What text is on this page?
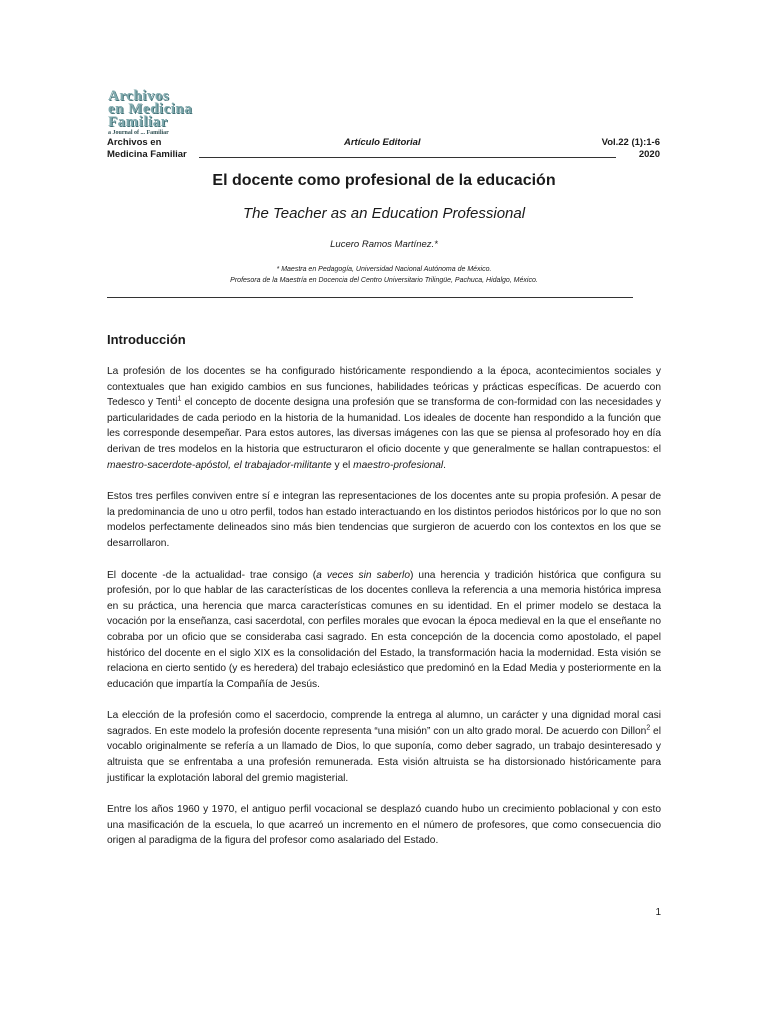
Archivos
en Medicina
Familiar
a Journal of ... Familiar
Archivos en
Medicina Familiar
Artículo Editorial	Vol.22 (1):1-6
2020
El docente como profesional de la educación
The Teacher as an Education Professional
Lucero Ramos Martínez.*
* Maestra en Pedagogía, Universidad Nacional Autónoma de México.
Profesora de la Maestría en Docencia del Centro Universitario Trilingüe, Pachuca, Hidalgo, México.
Introducción

La profesión de los docentes se ha configurado históricamente respondiendo a la época, acontecimientos sociales y contextuales que han exigido cambios en sus funciones, habilidades teóricas y prácticas específicas. De acuerdo con Tedesco y Tenti$^1$ el concepto de docente designa una profesión que se transforma de con-formidad con las necesidades y particularidades de cada periodo en la historia de la humanidad. Los ideales de docente han respondido a la función que les corresponde desempeñar. Para estos autores, las diversas imágenes con las que se piensa al profesorado hoy en día derivan de tres modelos en la historia que estructuraron el oficio docente y que generalmente se hallan contrapuestos: el maestro-sacerdote-apóstol, el trabajador-militante y el maestro-profesional.

Estos tres perfiles conviven entre sí e integran las representaciones de los docentes ante su propia profesión. A pesar de la predominancia de uno u otro perfil, todos han estado interactuando en los distintos periodos históricos por lo que no son modelos perfectamente delineados sino más bien tendencias que surgieron de acuerdo con los contextos en los que se desarrollaron.

El docente -de la actualidad- trae consigo (a veces sin saberlo) una herencia y tradición histórica que configura su profesión, por lo que hablar de las características de los docentes conlleva la referencia a una memoria histórica impresa en su práctica, una herencia que marca características comunes en su identidad. En el primer modelo se destaca la vocación por la enseñanza, casi sacerdotal, con perfiles morales que evocan la época medieval en la que el enseñante no cobraba por un oficio que se consideraba casi sagrado. En esta concepción de la docencia como apostolado, el papel histórico del docente en el siglo XIX es la consolidación del Estado, la transformación hacia la modernidad. Esta visión se relaciona en cierto sentido (y es heredera) del trabajo eclesiástico que predominó en la Edad Media y posteriormente en la educación que impartía la Compañía de Jesús.

La elección de la profesión como el sacerdocio, comprende la entrega al alumno, un carácter y una dignidad moral casi sagrados. En este modelo la profesión docente representa “una misión” con un alto grado moral. De acuerdo con Dillon$^2$ el vocablo originalmente se refería a un llamado de Dios, lo que suponía, como deber sagrado, un trabajo desinteresado y altruista que se enfrentaba a una profesión remunerada. Esta visión altruista se ha distorsionado históricamente para justificar la explotación laboral del gremio magisterial.

Entre los años 1960 y 1970, el antiguo perfil vocacional se desplazó cuando hubo un crecimiento poblacional y con esto una masificación de la escuela, lo que acarreó un incremento en el número de profesores, que como consecuencia dio origen al paradigma de la figura del profesor como asalariado del Estado.

1
